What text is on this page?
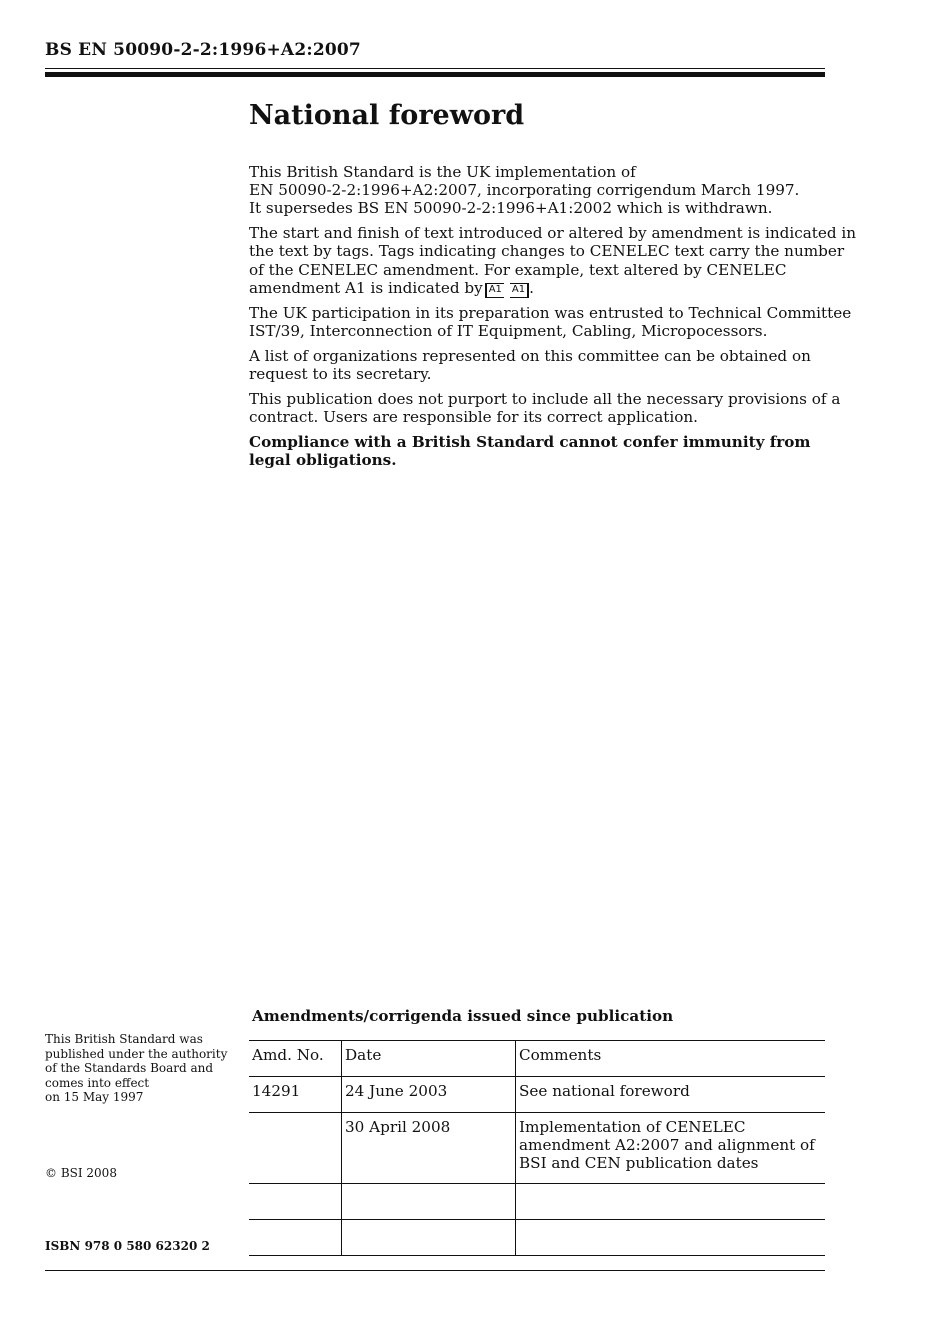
BS EN 50090-2-2:1996+A2:2007
National foreword

This British Standard is the UK implementation of
EN 50090-2-2:1996+A2:2007, incorporating corrigendum March 1997.
It supersedes BS EN 50090-2-2:1996+A1:2002 which is withdrawn.

The start and finish of text introduced or altered by amendment is indicated in
the text by tags. Tags indicating changes to CENELEC text carry the number
of the CENELEC amendment. For example, text altered by CENELEC
amendment A1 is indicated by A1 A1 .

The UK participation in its preparation was entrusted to Technical Committee
IST/39, Interconnection of IT Equipment, Cabling, Micropocessors.

A list of organizations represented on this committee can be obtained on
request to its secretary.

This publication does not purport to include all the necessary provisions of a
contract. Users are responsible for its correct application.

Compliance with a British Standard cannot confer immunity from
legal obligations.

This British Standard was
published under the authority
of the Standards Board and
comes into effect
on 15 May 1997
© BSI 2008
ISBN 978 0 580 62320 2
Amendments/corrigenda issued since publication
Amd. No.	Date	Comments
14291	24 June 2003	See national foreword
	30 April 2008	Implementation of CENELEC
amendment A2:2007 and alignment of
BSI and CEN publication dates
